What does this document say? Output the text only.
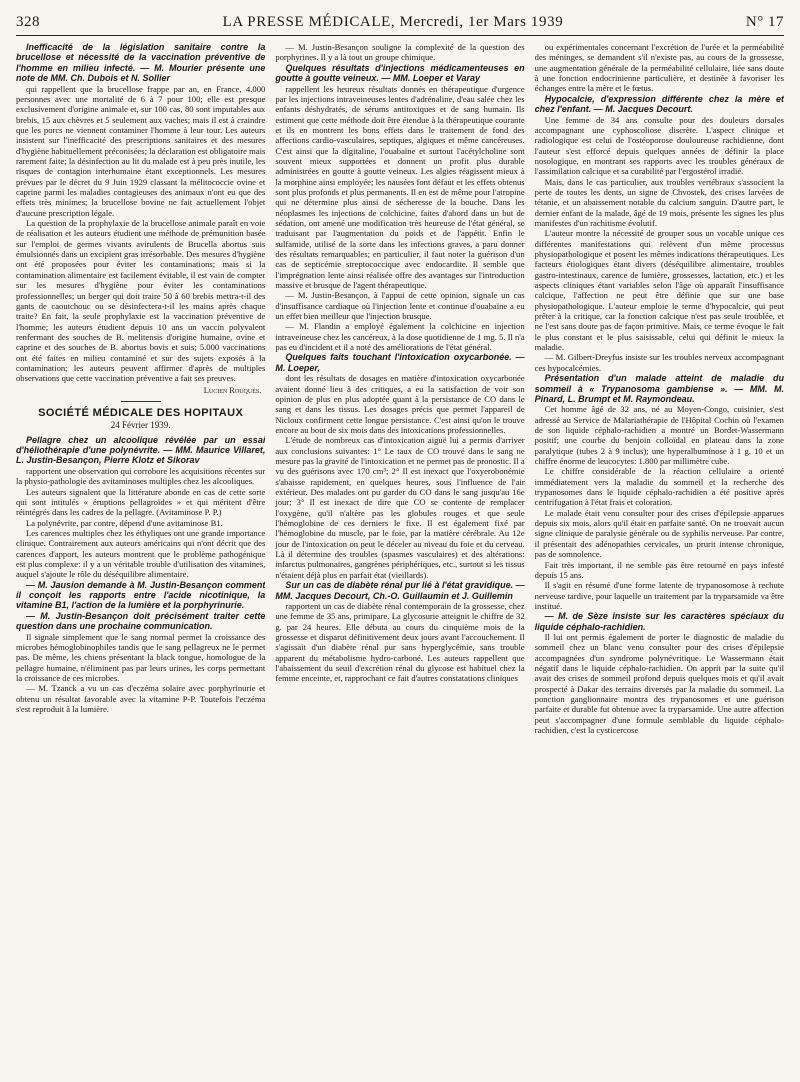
328	LA PRESSE MÉDICALE, Mercredi, 1er Mars 1939	N° 17

Inefficacité de la législation sanitaire contre la brucellose et nécessité de la vaccination préventive de l'homme en milieu infecté. — M. Mourier présente une note de MM. Ch. Dubois et N. Sollier

qui rappellent que la brucellose frappe par an, en France, 4.000 personnes avec une mortalité de 6 à 7 pour 100; elle est presque exclusivement d'origine animale et, sur 100 cas, 80 sont imputables aux brebis, 15 aux chèvres et 5 seulement aux vaches; mais il est à craindre que les porcs ne viennent contaminer l'homme à leur tour. Les auteurs insistent sur l'inefficacité des prescriptions sanitaires et des mesures d'hygiène habituellement préconisées; la déclaration est obligatoire mais rarement faite; la désinfection au lit du malade est à peu près inutile, les risques de contagion interhumaine étant exceptionnels. Les mesures prévues par le décret du 9 Juin 1929 classant la mélitococcie ovine et caprine parmi les maladies contagieuses des animaux n'ont eu que des effets très minimes; la brucellose bovine ne fait actuellement l'objet d'aucune prescription légale.

La question de la prophylaxie de la brucellose animale paraît en voie de réalisation et les auteurs étudient une méthode de prémunition basée sur l'emploi de germes vivants avirulents de Brucella abortus suis émulsionnés dans un excipient gras irrésorbable. Des mesures d'hygiène ont été proposées pour éviter les contaminations; mais si la contamination alimentaire est facilement évitable, il est vain de compter sur les mesures d'hygiène pour éviter les contaminations professionnelles; un berger qui doit traire 50 à 60 brebis mettra-t-il des gants de caoutchouc ou se désinfectera-t-il les mains après chaque traite? En fait, la seule prophylaxie est la vaccination préventive de l'homme; les auteurs étudient depuis 10 ans un vaccin polyvalent renfermant des souches de B. melitensis d'origine humaine, ovine et caprine et des souches de B. abortus bovis et suis; 5.000 vaccinations ont été faites en milieu contaminé et sur des sujets exposés à la contamination; les auteurs peuvent affirmer d'après de multiples observations que cette vaccination préventive a fait ses preuves.

Lucien Rouquès.
SOCIÉTÉ MÉDICALE DES HOPITAUX
24 Février 1939.

Pellagre chez un alcoolique révélée par un essai d'héliothérapie d'une polynévrite. — MM. Maurice Villaret, L. Justin-Besançon, Pierre Klotz et Sikorav

rapportent une observation qui corrobore les acquisitions récentes sur la physio-pathologie des avitaminoses multiples chez les alcooliques.

Les auteurs signalent que la littérature abonde en cas de cette sorte qui sont intitulés « éruptions pellagroïdes » et qui méritent d'être réintégrés dans les cadres de la pellagre. (Avitaminose P. P.)

La polynévrite, par contre, dépend d'une avitaminose B1.

Les carences multiples chez les éthyliques ont une grande importance clinique. Contrairement aux auteurs américains qui n'ont décrit que des carences d'apport, les auteurs montrent que le problème pathogénique est plus complexe: il y a un véritable trouble d'utilisation des vitamines, auquel s'ajoute le rôle du déséquilibre alimentaire.

— M. Jausion demande à M. Justin-Besançon comment il conçoit les rapports entre l'acide nicotinique, la vitamine B1, l'action de la lumière et la porphyrinurie.

— M. Justin-Besançon doit précisément traiter cette question dans une prochaine communication.

Il signale simplement que le sang normal permet la croissance des microbes hémoglobinophiles tandis que le sang pellagreux ne le permet pas. De même, les chiens présentant la black tongue, homologue de la pellagre humaine, n'éliminent pas par leurs urines, les corps permettant la croissance de ces microbes.

— M. Tzanck a vu un cas d'eczéma solaire avec porphyrinurie et obtenu un résultat favorable avec la vitamine P-P. Toutefois l'eczéma s'est reproduit à la lumière.

— M. Justin-Besançon souligne la complexité de la question des porphyrines. Il y a là tout un groupe chimique.

Quelques résultats d'injections médicamenteuses en goutte à goutte veineux. — MM. Loeper et Varay

rappellent les heureux résultats donnés en thérapeutique d'urgence par les injections intraveineuses lentes d'adrénaline, d'eau salée chez les enfants déshydratés, de sérums antitoxiques et de sang humain. Ils estiment que cette méthode doit être étendue à la thérapeutique courante et ils en montrent les bons effets dans le traitement de fond des affections cardio-vasculaires, septiques, algiques et même cancéreuses. C'est ainsi que la digitaline, l'ouabaïne et surtout l'acétylcholine sont souvent mieux supportées et donnent un profit plus durable administrées en goutte à goutte veineux. Les algies réagissent mieux à la morphine ainsi employée; les nausées font défaut et les effets obtenus sont plus profonds et plus permanents. Il en est de même pour l'atropine qui ne détermine plus ainsi de sécheresse de la bouche. Dans les néoplasmes les injections de colchicine, faites d'abord dans un but de sédation, ont amené une modification très heureuse de l'état général, se traduisant par l'augmentation du poids et de l'appétit. Enfin le sulfamide, utilisé de la sorte dans les infections graves, a paru donner des résultats remarquables; en particulier, il faut noter la guérison d'un cas de septicémie streptococcique avec endocardite. Il semble que l'imprégnation lente ainsi réalisée offre des avantages sur l'introduction massive et brusque de l'agent thérapeutique.

— M. Justin-Besançon, à l'appui de cette opinion, signale un cas d'insuffisance cardiaque où l'injection lente et continue d'ouabaïne a eu un effet bien meilleur que l'injection brusque.

— M. Flandin a employé également la colchicine en injection intraveineuse chez les cancéreux, à la dose quotidienne de 1 mg. 5. Il n'a pas eu d'incident et il a noté des améliorations de l'état général.

Quelques faits touchant l'intoxication oxycarbonée. — M. Loeper,

dont les résultats de dosages en matière d'intoxication oxycarbonée avaient donné lieu à des critiques, a eu la satisfaction de voir son opinion de plus en plus adoptée quant à la persistance de CO dans le sang et dans les tissus. Les dosages précis que permet l'appareil de Nicloux confirment cette longue persistance. C'est ainsi qu'on le trouve encore au bout de six mois dans des intoxications professionnelles.

L'étude de nombreux cas d'intoxication aiguë lui a permis d'arriver aux conclusions suivantes: 1° Le taux de CO trouvé dans le sang ne mesure pas la gravité de l'intoxication et ne permet pas de pronostic. Il a vu des guérisons avec 170 cm³; 2° Il est inexact que l'oxyerobonémie s'abaisse rapidement, en quelques heures, sous l'influence de l'air extérieur. Des malades ont pu garder du CO dans le sang jusqu'au 16e jour; 3° Il est inexact de dire que CO se contente de remplacer l'oxygène, qu'il n'altère pas les globules rouges et que seule l'hémoglobine de ces derniers le fixe. Il est également fixé par l'hémoglobine du muscle, par le foie, par la matière cérébrale. Au 12e jour de l'intoxication on peut le déceler au niveau du foie et du cerveau. Là il détermine des troubles (spasmes vasculaires) et des altérations: infarctus pulmonaires, gangrènes périphériques, etc., surtout si les tissus n'étaient déjà plus en parfait état (vieillards).

Sur un cas de diabète rénal pur lié à l'état gravidique. — MM. Jacques Decourt, Ch.-O. Guillaumin et J. Guillemin

rapportent un cas de diabète rénal contemporain de la grossesse, chez une femme de 35 ans, primipare. La glycosurie atteignit le chiffre de 32 g. par 24 heures. Elle débuta au cours du cinquième mois de la grossesse et disparut définitivement deux jours avant l'accouchement. Il s'agissait d'un diabète rénal pur sans hyperglycémie, sans trouble apparent du métabolisme hydro-carboné. Les auteurs rappellent que l'abaissement du seuil d'excrétion rénal du glycose est habituel chez la femme enceinte, et, rapprochant ce fait d'autres constatations cliniques

ou expérimentales concernant l'excrétion de l'urée et la perméabilité des méninges, se demandent s'il n'existe pas, au cours de la grossesse, une augmentation générale de la perméabilité cellulaire, liée sans doute à une fonction endocrinienne particulière, et destinée à favoriser les échanges entre la mère et le fœtus.

Hypocalcie, d'expression différente chez la mère et chez l'enfant. — M. Jacques Decourt.

Une femme de 34 ans consulte pour des douleurs dorsales accompagnant une cyphoscoliose discrète. L'aspect clinique et radiologique est celui de l'ostéoporose douloureuse rachidienne, dont l'auteur s'est efforcé depuis quelques années de définir la place nosologique, en montrant ses rapports avec les troubles généraux de l'assimilation calcique et sa curabilité par l'ergostérol irradié.

Mais, dans le cas particulier, aux troubles vertébraux s'associent la perte de toutes les dents, un signe de Chvostek, des crises larvées de tétanie, et un abaissement notable du calcium sanguin. D'autre part, le dernier enfant de la malade, âgé de 19 mois, présente les signes les plus manifestes d'un rachitisme évolutif.

L'auteur montre la nécessité de grouper sous un vocable unique ces différentes manifestations qui relèvent d'un même processus physiopathologique et posent les mêmes indications thérapeutiques. Les facteurs étiologiques étant divers (déséquilibre alimentaire, troubles gastro-intestinaux, carence de lumière, grossesses, lactation, etc.) et les aspects cliniques étant variables selon l'âge où apparaît l'insuffisance calcique, l'affection ne peut être définie que sur une base physiopathologique. L'auteur emploie le terme d'hypocalcie, qui peut prêter à la critique, car la fonction calcique n'est pas seule troublée, et ne l'est sans doute pas de façon primitive. Mais, ce terme évoque le fait le plus constant et le plus saisissable, celui qui définit le mieux la maladie.

— M. Gilbert-Dreyfus insiste sur les troubles nerveux accompagnant ces hypocalcémies.

Présentation d'un malade atteint de maladie du sommeil à « Trypanosoma gambiense ». — MM. M. Pinard, L. Brumpt et M. Raymondeau.

Cet homme âgé de 32 ans, né au Moyen-Congo, cuisinier, s'est adressé au Service de Malariathérapie de l'Hôpital Cochin où l'examen de son liquide céphalo-rachidien a montré un Bordet-Wassermann positif; une courbe du benjoin colloïdal en plateau dans la zone paralytique (tubes 2 à 9 inclus); une hyperalbuminose à 1 g. 10 et un chiffre énorme de leucocytes: 1.800 par millimètre cube.

Le chiffre considérable de la réaction cellulaire a orienté immédiatement vers la maladie du sommeil et la recherche des trypanosomes dans le liquide céphalo-rachidien a été positive après centrifugation à l'état frais et coloration.

Le malade était venu consulter pour des crises d'épilepsie apparues depuis six mois, alors qu'il était en parfaite santé. On ne trouvait aucun signe clinique de paralysie générale ou de syphilis nerveuse. Par contre, il présentait des adénopathies cervicales, un prurit intense chronique, pas de somnolence.

Fait très important, il ne semble pas être retourné en pays infesté depuis 15 ans.

Il s'agit en résumé d'une forme latente de trypanosomose à rechute nerveuse tardive, pour laquelle un traitement par la tryparsamide va être institué.

— M. de Sèze insiste sur les caractères spéciaux du liquide céphalo-rachidien.

Il lui ont permis également de porter le diagnostic de maladie du sommeil chez un blanc venu consulter pour des crises d'épilepsie accompagnées d'un syndrome polynévritique. Le Wassermann était négatif dans le liquide céphalo-rachidien. On apprit par la suite qu'il avait des crises de sommeil profond depuis quelques mois et qu'il avait prospecté à Dakar des terrains diversés par la maladie du sommeil. La ponction ganglionnaire montra des trypanosomes et une guérison parfaite et durable fut obtenue avec la tryparsamide. Une autre affection peut s'accompagner d'une formule semblable du liquide céphalo-rachidien, c'est la cysticercose
